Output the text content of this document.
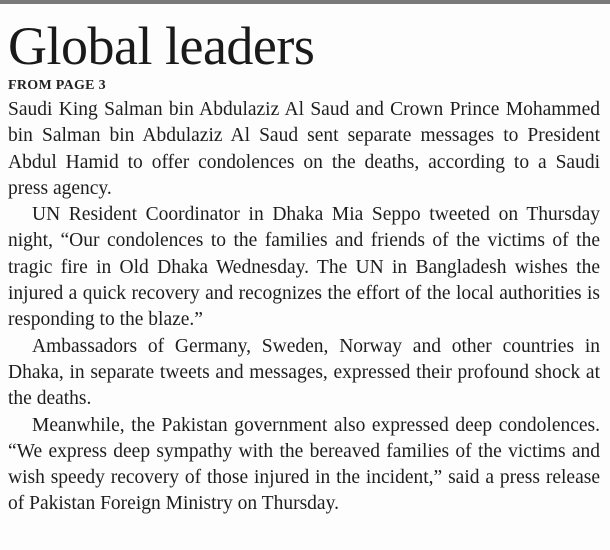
Global leaders
FROM PAGE 3

Saudi King Salman bin Abdulaziz Al Saud and Crown Prince Mohammed bin Salman bin Abdulaziz Al Saud sent separate messages to President Abdul Hamid to offer condolences on the deaths, according to a Saudi press agency.

UN Resident Coordinator in Dhaka Mia Seppo tweeted on Thursday night, “Our condolences to the families and friends of the victims of the tragic fire in Old Dhaka Wednesday. The UN in Bangladesh wishes the injured a quick recovery and recognizes the effort of the local authorities is responding to the blaze.”

Ambassadors of Germany, Sweden, Norway and other countries in Dhaka, in separate tweets and messages, expressed their profound shock at the deaths.

Meanwhile, the Pakistan government also expressed deep condolences. “We express deep sympathy with the bereaved families of the victims and wish speedy recovery of those injured in the incident,” said a press release of Pakistan Foreign Ministry on Thursday.
